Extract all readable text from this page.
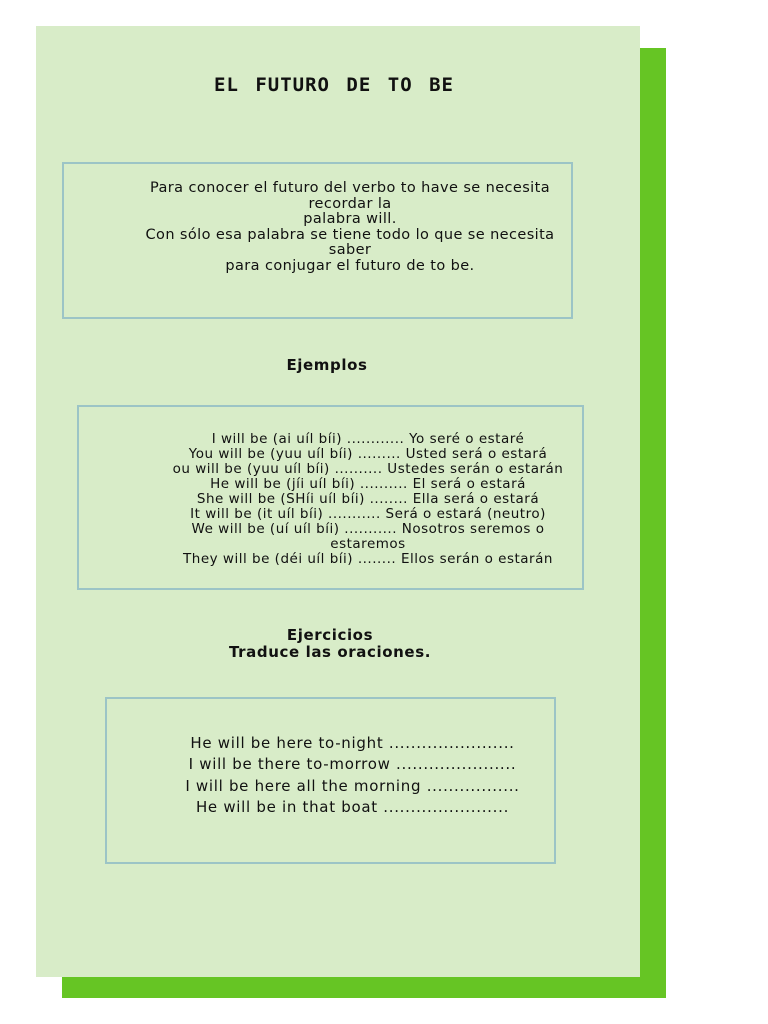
EL FUTURO DE TO BE
Para conocer el futuro del verbo to have se necesita
recordar la
palabra will.
Con sólo esa palabra se tiene todo lo que se necesita
saber
para conjugar el futuro de to be.
Ejemplos
I will be (ai uíl bíi) ............ Yo seré o estaré
You will be (yuu uíl bíi) ......... Usted será o estará
ou will be (yuu uíl bíi) .......... Ustedes serán o estarán
He will be (jíi uíl bíi) .......... El será o estará
She will be (SHíi uíl bíi) ........ Ella será o estará
It will be (it uíl bíi) ........... Será o estará (neutro)
We will be (uí uíl bíi) ........... Nosotros seremos o
estaremos
They will be (déi uíl bíi) ........ Ellos serán o estarán
Ejercicios
Traduce las oraciones.
He will be here to-night .......................
I will be there to-morrow ......................
I will be here all the morning .................
He will be in that boat .......................
